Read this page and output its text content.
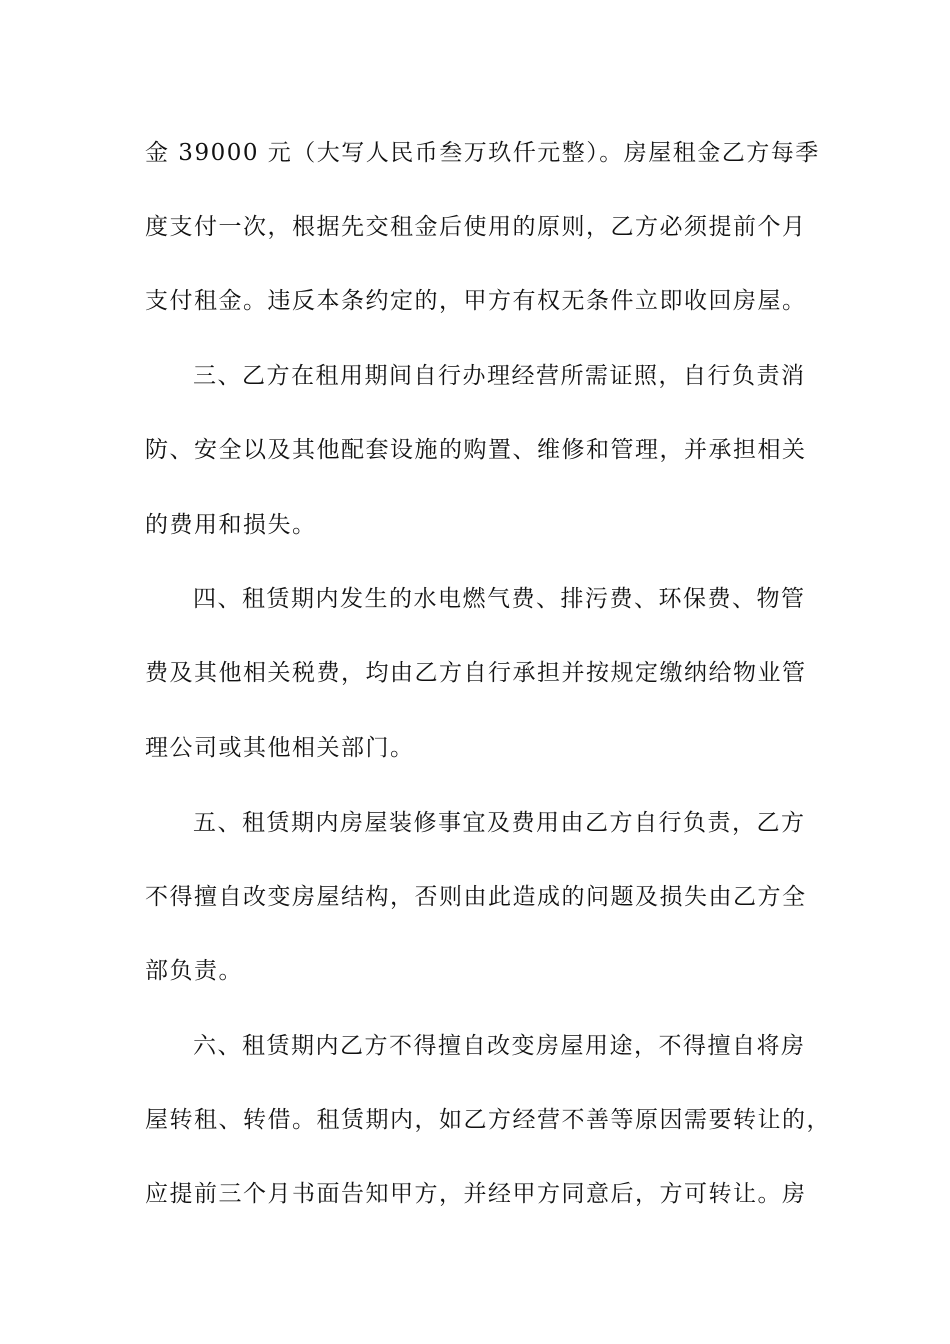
金 39000 元（大写人民币叁万玖仟元整）。房屋租金乙方每季
度支付一次，根据先交租金后使用的原则，乙方必须提前个月
支付租金。违反本条约定的，甲方有权无条件立即收回房屋。
三、乙方在租用期间自行办理经营所需证照，自行负责消
防、安全以及其他配套设施的购置、维修和管理，并承担相关
的费用和损失。
四、租赁期内发生的水电燃气费、排污费、环保费、物管
费及其他相关税费，均由乙方自行承担并按规定缴纳给物业管
理公司或其他相关部门。
五、租赁期内房屋装修事宜及费用由乙方自行负责，乙方
不得擅自改变房屋结构，否则由此造成的问题及损失由乙方全
部负责。
六、租赁期内乙方不得擅自改变房屋用途，不得擅自将房
屋转租、转借。租赁期内，如乙方经营不善等原因需要转让的，
应提前三个月书面告知甲方，并经甲方同意后，方可转让。房
